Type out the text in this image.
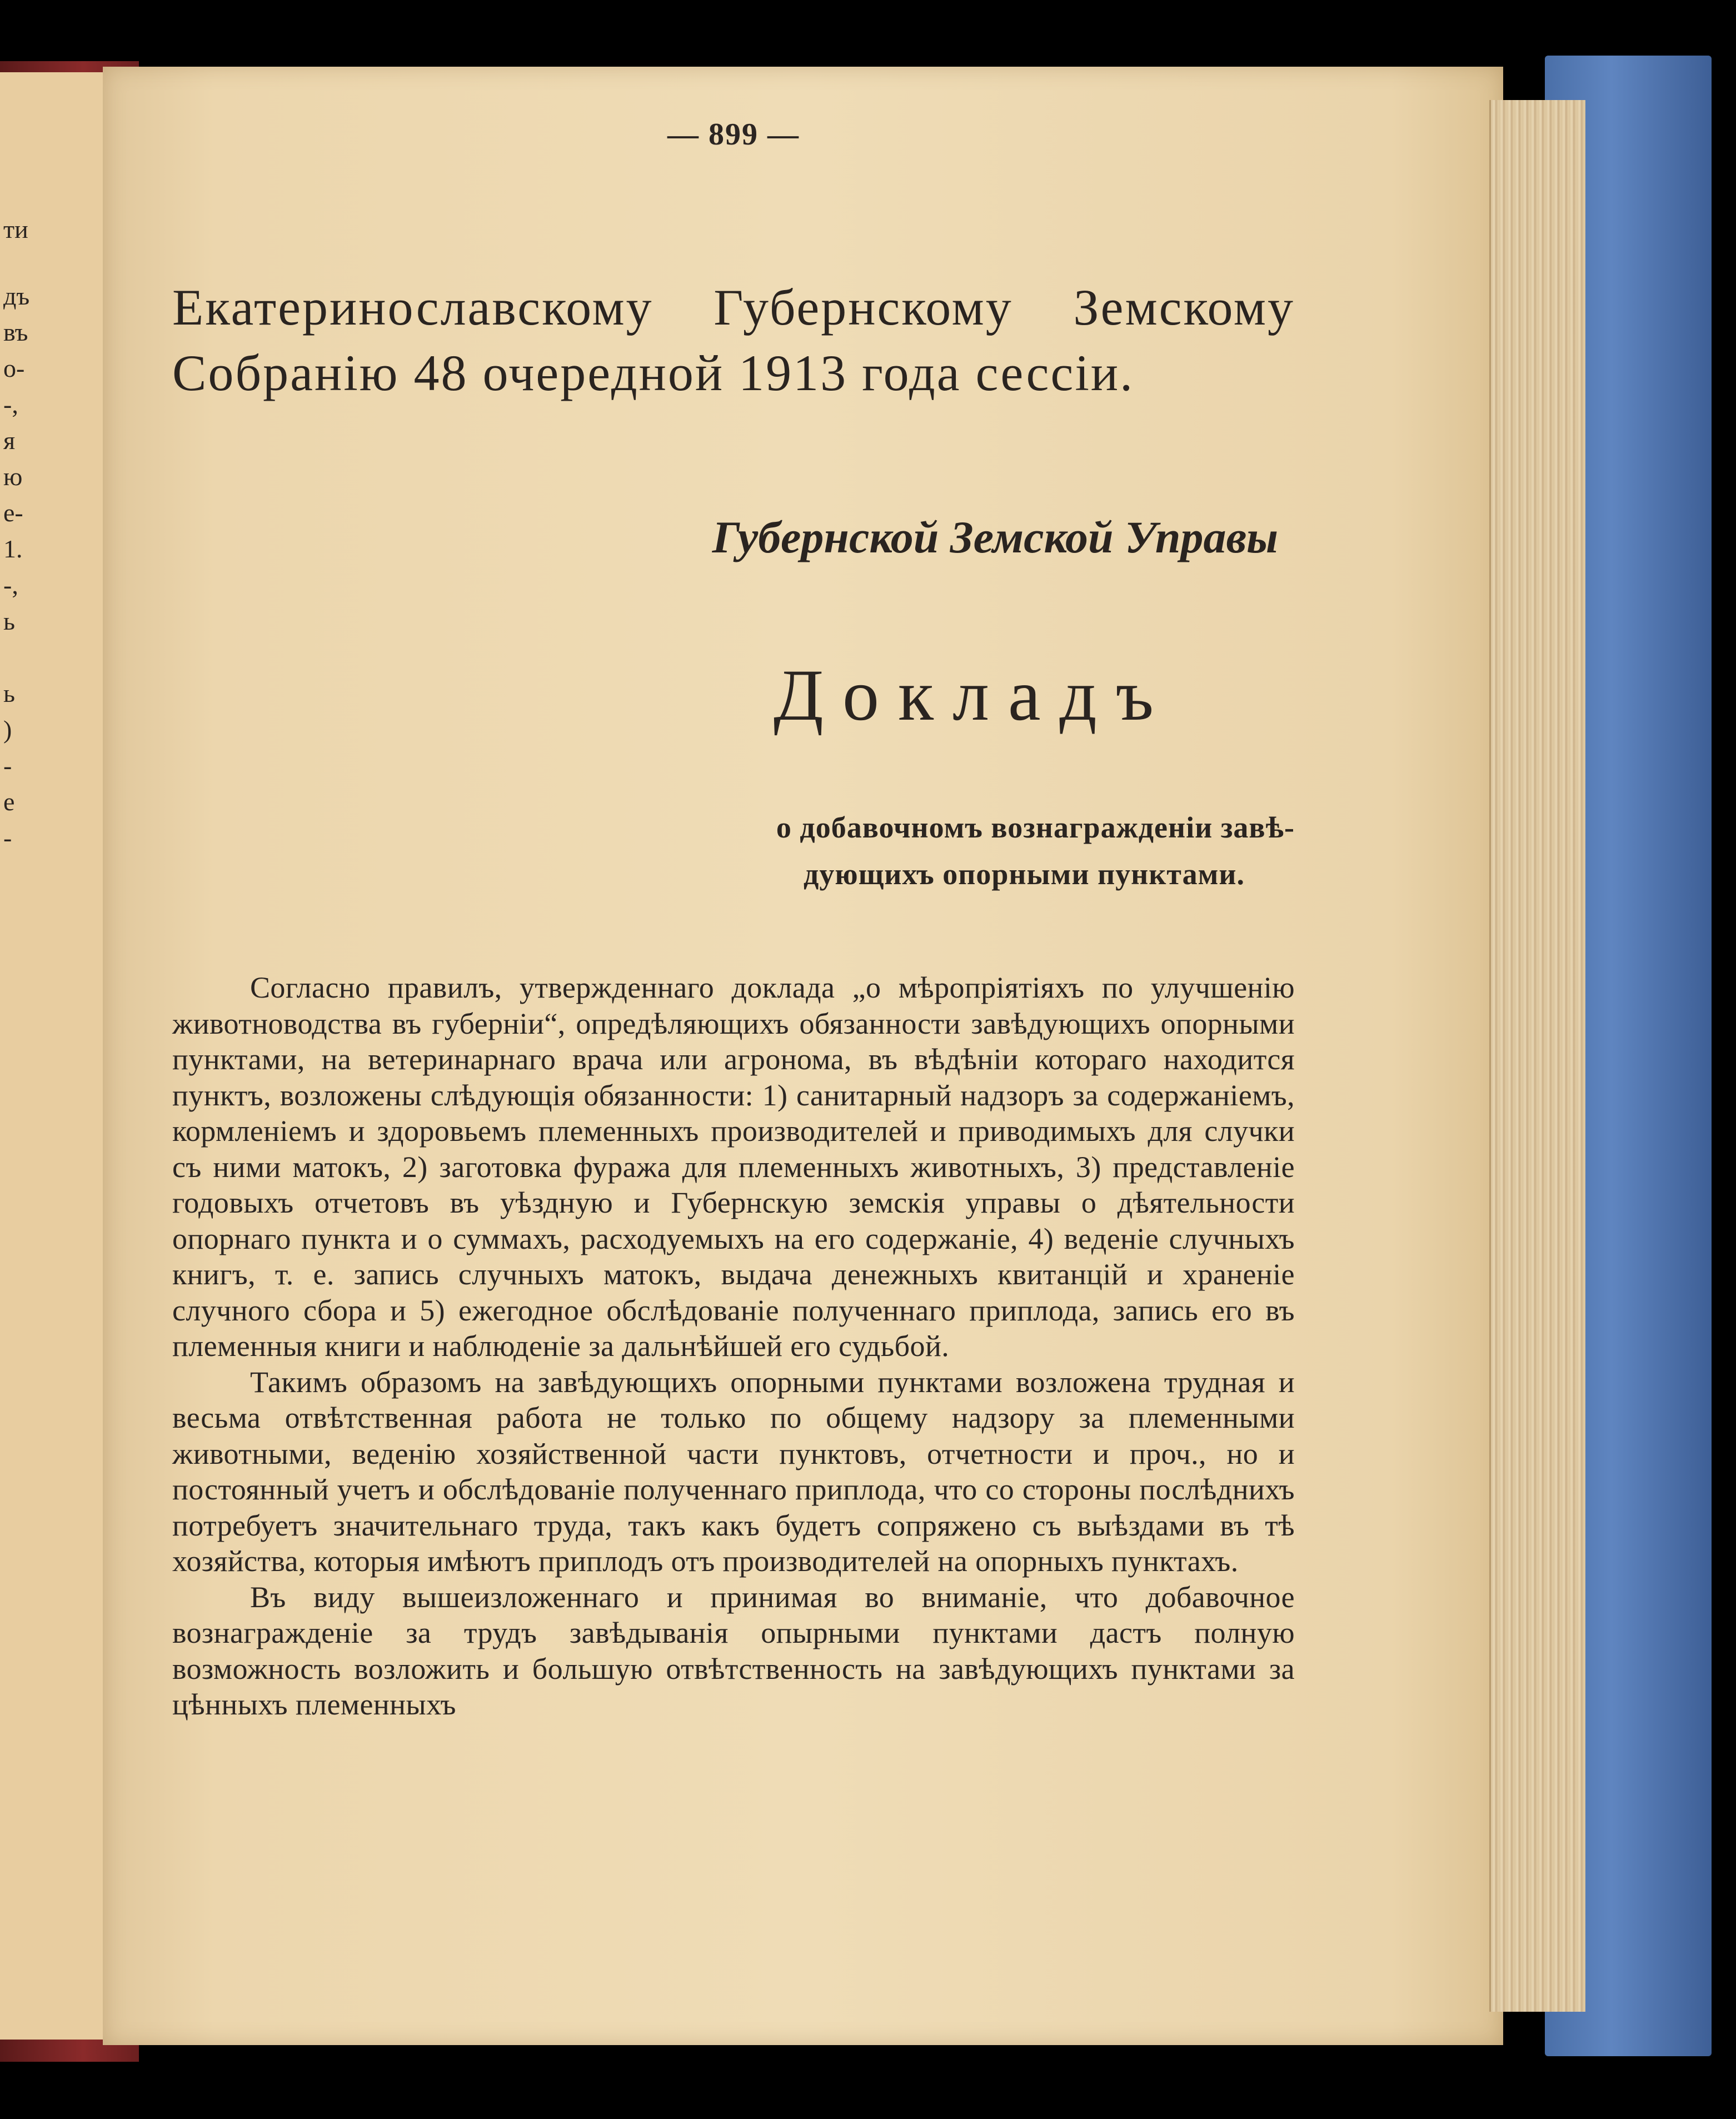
ти
дъ
въ
о-
-,
я
ю
е-
1.
-,
ь
ь
)
-
е
-
— 899 —
Екатеринославскому Губернскому Земскому Собранію 48 очередной 1913 года сессіи.
Губернской Земской Управы
Докладъ
о добавочномъ вознагражденіи завѣ-
дующихъ опорными пунктами.

Согласно правилъ, утвержденнаго доклада „о мѣропріятіяхъ по улучшенію животноводства въ губерніи“, опредѣляющихъ обязанности завѣдующихъ опорными пунктами, на ветеринарнаго врача или агронома, въ вѣдѣніи котораго находится пунктъ, возложены слѣдующія обязанности: 1) санитарный надзоръ за содержаніемъ, кормленіемъ и здоровьемъ племенныхъ производителей и приводимыхъ для случки съ ними матокъ, 2) заготовка фуража для племенныхъ животныхъ, 3) представленіе годовыхъ отчетовъ въ уѣздную и Губернскую земскія управы о дѣятельности опорнаго пункта и о суммахъ, расходуемыхъ на его содержаніе, 4) веденіе случныхъ книгъ, т. е. запись случныхъ матокъ, выдача денежныхъ квитанцій и храненіе случного сбора и 5) ежегодное обслѣдованіе полученнаго приплода, запись его въ племенныя книги и наблюденіе за дальнѣйшей его судьбой.

Такимъ образомъ на завѣдующихъ опорными пунктами возложена трудная и весьма отвѣтственная работа не только по общему надзору за племенными животными, веденію хозяйственной части пунктовъ, отчетности и проч., но и постоянный учетъ и обслѣдованіе полученнаго приплода, что со стороны послѣднихъ потребуетъ значительнаго труда, такъ какъ будетъ сопряжено съ выѣздами въ тѣ хозяйства, которыя имѣютъ приплодъ отъ производителей на опорныхъ пунктахъ.

Въ виду вышеизложеннаго и принимая во вниманіе, что добавочное вознагражденіе за трудъ завѣдыванія опырными пунктами дастъ полную возможность возложить и большую отвѣтственность на завѣдующихъ пунктами за цѣнныхъ племенныхъ
